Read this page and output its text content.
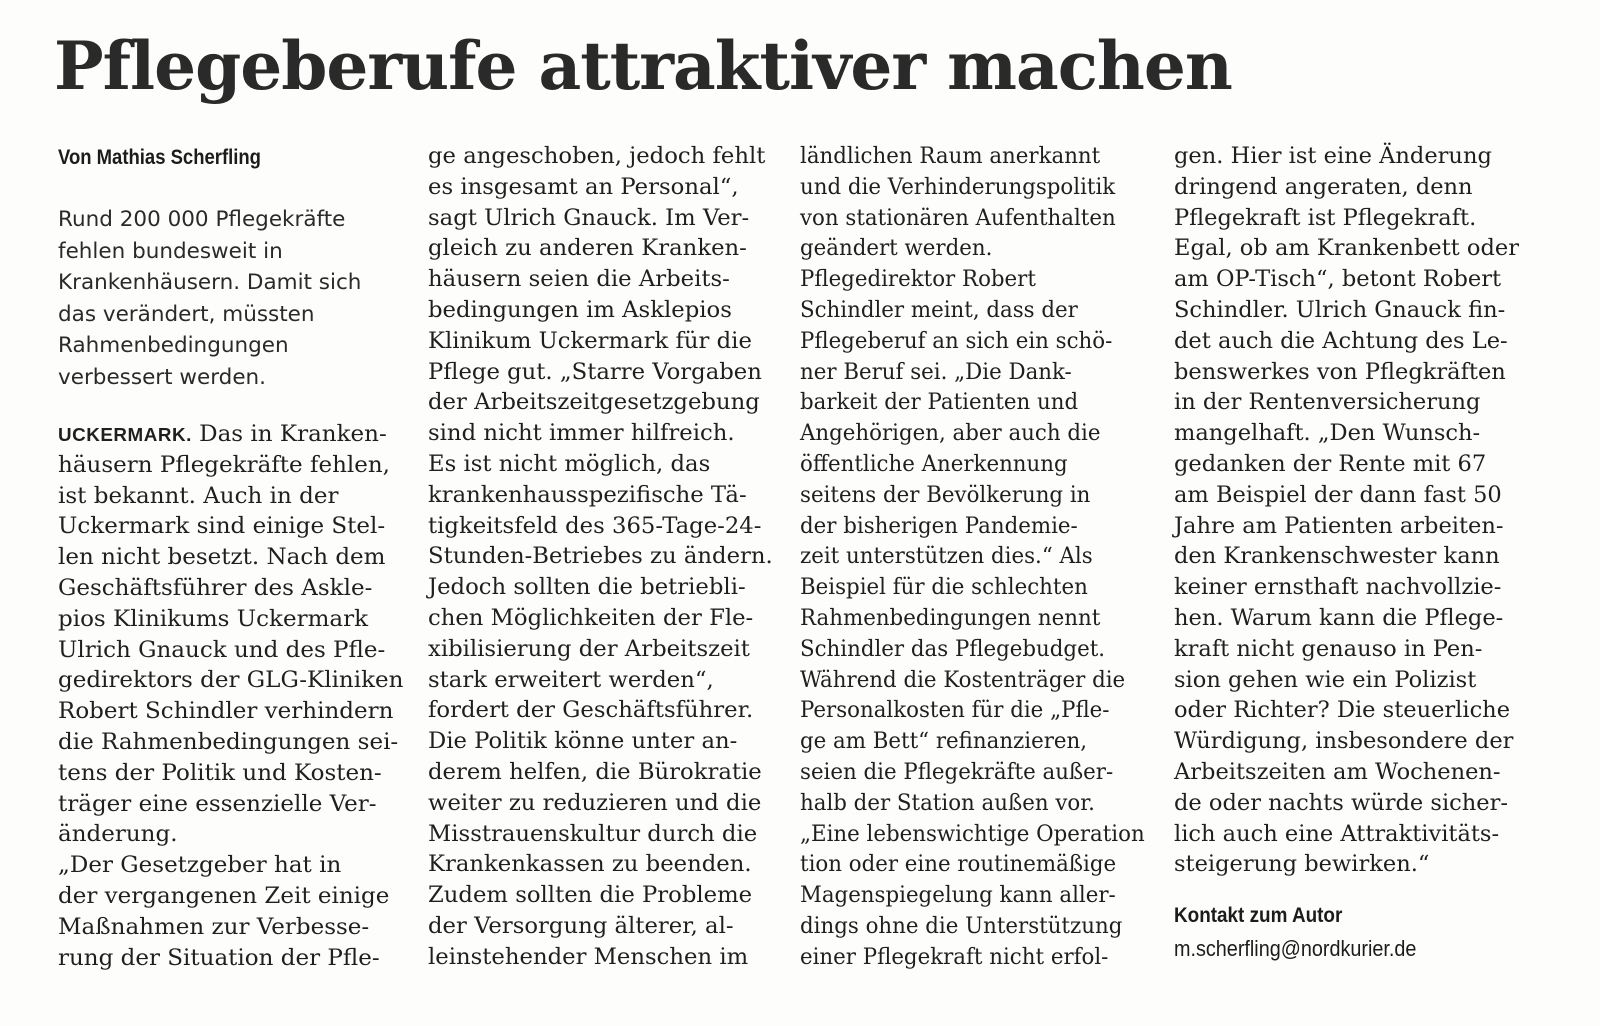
Pflegeberufe attraktiver machen
Von Mathias Scherfling
Rund 200 000 Pflegekräfte
fehlen bundesweit in
Krankenhäusern. Damit sich
das verändert, müssten
Rahmenbedingungen
verbessert werden.
UCKERMARK. Das in Kranken-
häusern Pflegekräfte fehlen,
ist bekannt. Auch in der
Uckermark sind einige Stel-
len nicht besetzt. Nach dem
Geschäftsführer des Askle-
pios Klinikums Uckermark
Ulrich Gnauck und des Pfle-
gedirektors der GLG-Kliniken
Robert Schindler verhindern
die Rahmenbedingungen sei-
tens der Politik und Kosten-
träger eine essenzielle Ver-
änderung.
„Der Gesetzgeber hat in
der vergangenen Zeit einige
Maßnahmen zur Verbesse-
rung der Situation der Pfle-
ge angeschoben, jedoch fehlt
es insgesamt an Personal“,
sagt Ulrich Gnauck. Im Ver-
gleich zu anderen Kranken-
häusern seien die Arbeits-
bedingungen im Asklepios
Klinikum Uckermark für die
Pflege gut. „Starre Vorgaben
der Arbeitszeitgesetzgebung
sind nicht immer hilfreich.
Es ist nicht möglich, das
krankenhausspezifische Tä-
tigkeitsfeld des 365-Tage-24-
Stunden-Betriebes zu ändern.
Jedoch sollten die betriebli-
chen Möglichkeiten der Fle-
xibilisierung der Arbeitszeit
stark erweitert werden“,
fordert der Geschäftsführer.
Die Politik könne unter an-
derem helfen, die Bürokratie
weiter zu reduzieren und die
Misstrauenskultur durch die
Krankenkassen zu beenden.
Zudem sollten die Probleme
der Versorgung älterer, al-
leinstehender Menschen im
ländlichen Raum anerkannt
und die Verhinderungspolitik
von stationären Aufenthalten
geändert werden.
Pflegedirektor Robert
Schindler meint, dass der
Pflegeberuf an sich ein schö-
ner Beruf sei. „Die Dank-
barkeit der Patienten und
Angehörigen, aber auch die
öffentliche Anerkennung
seitens der Bevölkerung in
der bisherigen Pandemie-
zeit unterstützen dies.“ Als
Beispiel für die schlechten
Rahmenbedingungen nennt
Schindler das Pflegebudget.
Während die Kostenträger die
Personalkosten für die „Pfle-
ge am Bett“ refinanzieren,
seien die Pflegekräfte außer-
halb der Station außen vor.
„Eine lebenswichtige Operation
tion oder eine routinemäßige
Magenspiegelung kann aller-
dings ohne die Unterstützung
einer Pflegekraft nicht erfol-
gen. Hier ist eine Änderung
dringend angeraten, denn
Pflegekraft ist Pflegekraft.
Egal, ob am Krankenbett oder
am OP-Tisch“, betont Robert
Schindler. Ulrich Gnauck fin-
det auch die Achtung des Le-
benswerkes von Pflegkräften
in der Rentenversicherung
mangelhaft. „Den Wunsch-
gedanken der Rente mit 67
am Beispiel der dann fast 50
Jahre am Patienten arbeiten-
den Krankenschwester kann
keiner ernsthaft nachvollzie-
hen. Warum kann die Pflege-
kraft nicht genauso in Pen-
sion gehen wie ein Polizist
oder Richter? Die steuerliche
Würdigung, insbesondere der
Arbeitszeiten am Wochenen-
de oder nachts würde sicher-
lich auch eine Attraktivitäts-
steigerung bewirken.“
Kontakt zum Autor
m.scherfling@nordkurier.de
